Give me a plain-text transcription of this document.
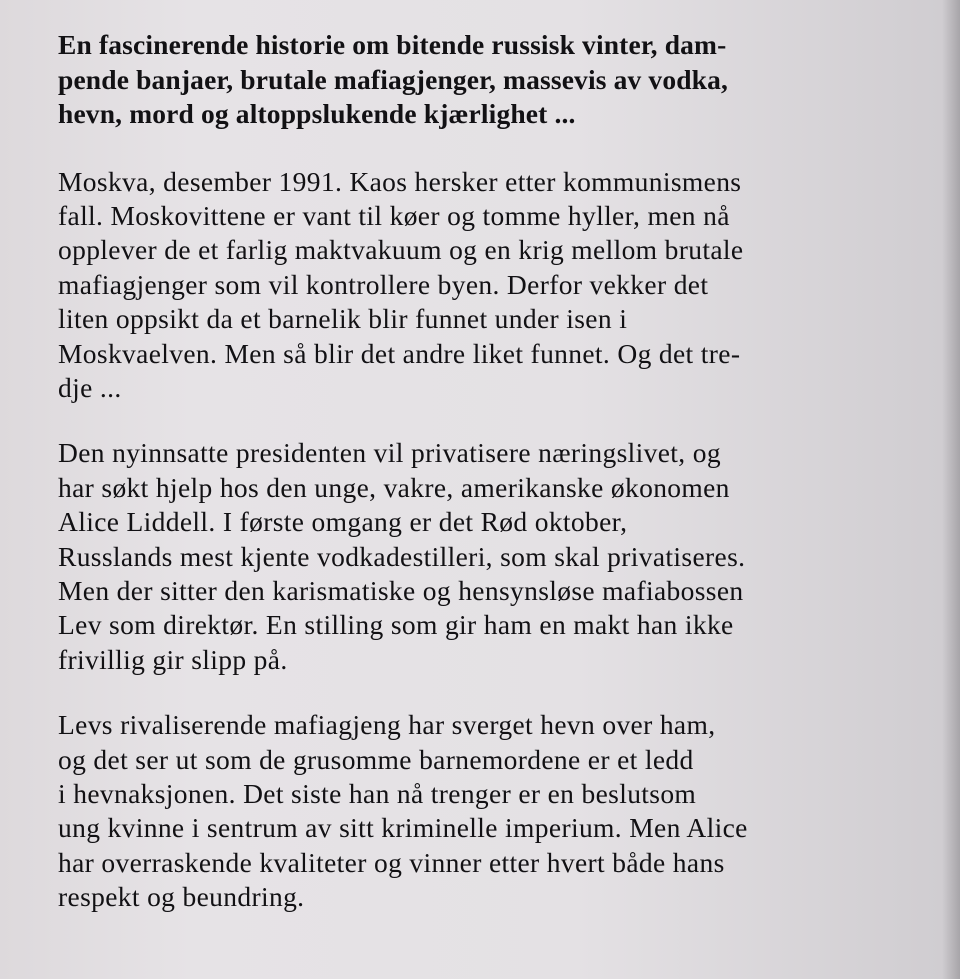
En fascinerende historie om bitende russisk vinter, dam-
pende banjaer, brutale mafiagjenger, massevis av vodka,
hevn, mord og altoppslukende kjærlighet ...

Moskva, desember 1991. Kaos hersker etter kommunismens
fall. Moskovittene er vant til køer og tomme hyller, men nå
opplever de et farlig maktvakuum og en krig mellom brutale
mafiagjenger som vil kontrollere byen. Derfor vekker det
liten oppsikt da et barnelik blir funnet under isen i
Moskvaelven. Men så blir det andre liket funnet. Og det tre-
dje ...

Den nyinnsatte presidenten vil privatisere næringslivet, og
har søkt hjelp hos den unge, vakre, amerikanske økonomen
Alice Liddell. I første omgang er det Rød oktober,
Russlands mest kjente vodkadestilleri, som skal privatiseres.
Men der sitter den karismatiske og hensynsløse mafiabossen
Lev som direktør. En stilling som gir ham en makt han ikke
frivillig gir slipp på.

Levs rivaliserende mafiagjeng har sverget hevn over ham,
og det ser ut som de grusomme barnemordene er et ledd
i hevnaksjonen. Det siste han nå trenger er en beslutsom
ung kvinne i sentrum av sitt kriminelle imperium. Men Alice
har overraskende kvaliteter og vinner etter hvert både hans
respekt og beundring.
